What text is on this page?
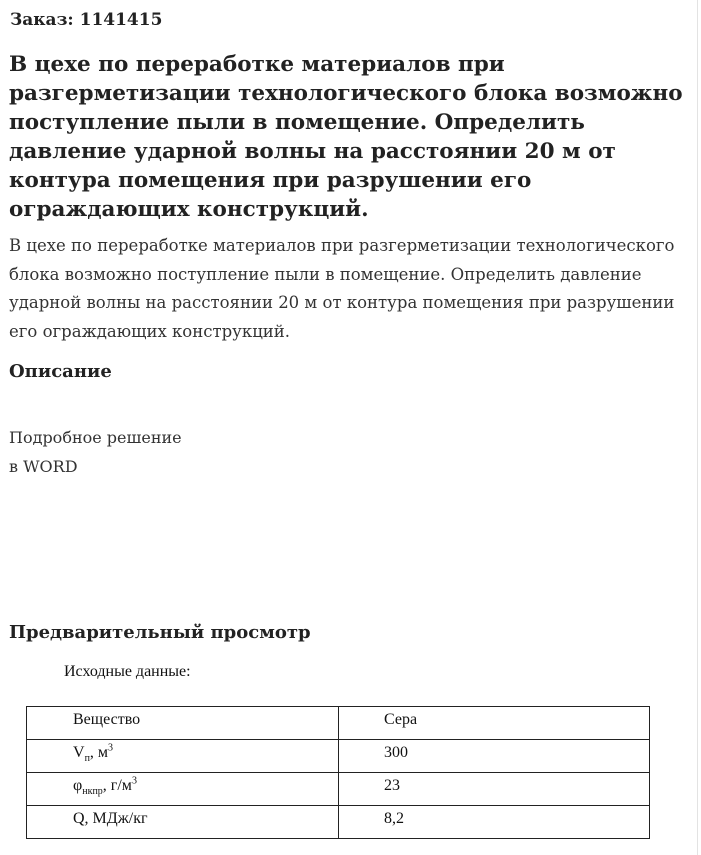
Заказ: 1141415
В цехе по переработке материалов при разгерметизации технологического блока возможно поступление пыли в помещение. Определить давление ударной волны на расстоянии 20 м от контура помещения при разрушении его ограждающих конструкций.

В цехе по переработке материалов при разгерметизации технологического блока возможно поступление пыли в помещение. Определить давление ударной волны на расстоянии 20 м от контура помещения при разрушении его ограждающих конструкций.

Описание
Подробное решение
в WORD
Предварительный просмотр
Исходные данные:
Вещество	Сера
$V_п$, $м^3$	300
$\varphi_{нкпр}$, $г/м^3$	23
Q, МДж/кг	8,2
